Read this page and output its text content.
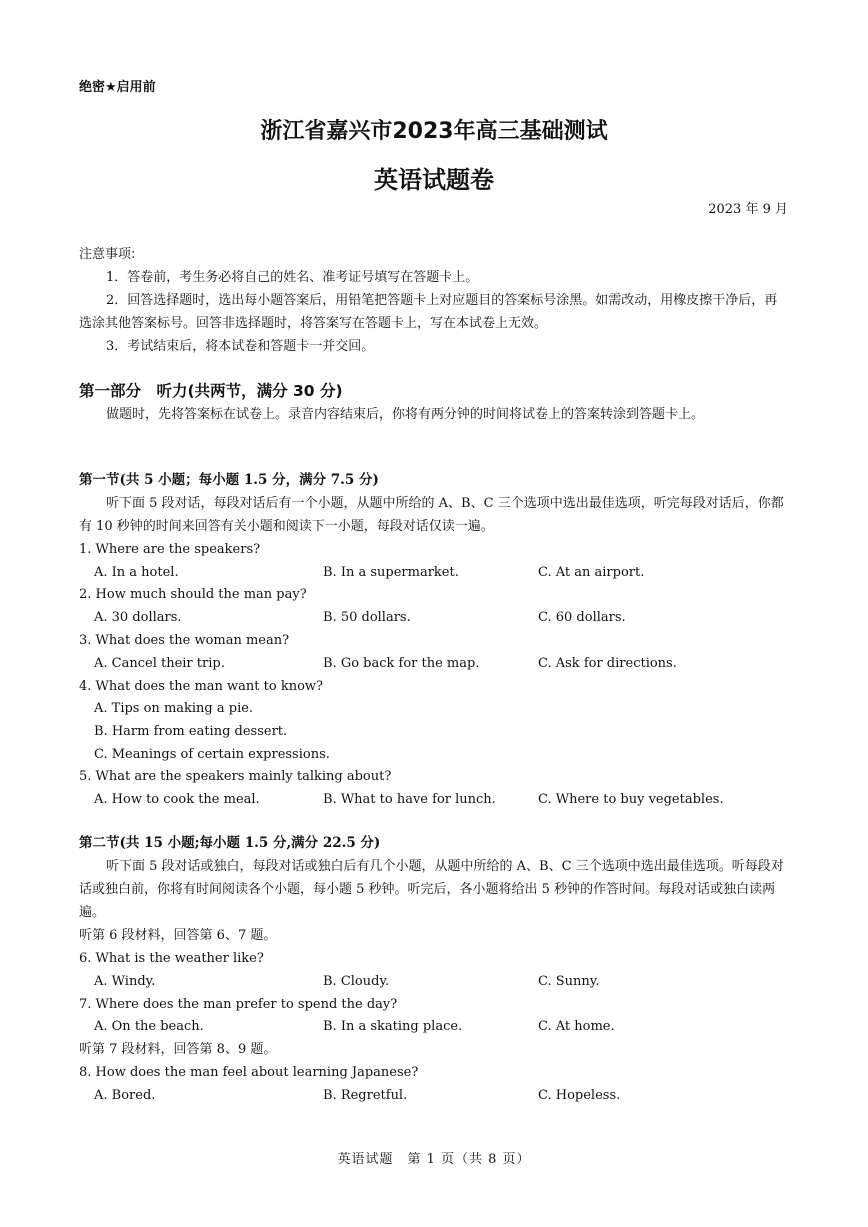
绝密★启用前
浙江省嘉兴市2023年高三基础测试
英语试题卷
2023 年 9 月
注意事项:
1．答卷前，考生务必将自己的姓名、准考证号填写在答题卡上。
2．回答选择题时，选出每小题答案后，用铅笔把答题卡上对应题目的答案标号涂黑。如需改动，用橡皮擦干净后，再选涂其他答案标号。回答非选择题时，将答案写在答题卡上，写在本试卷上无效。
3．考试结束后，将本试卷和答题卡一并交回。
第一部分　听力(共两节，满分 30 分)
做题时，先将答案标在试卷上。录音内容结束后，你将有两分钟的时间将试卷上的答案转涂到答题卡上。
第一节(共 5 小题；每小题 1.5 分，满分 7.5 分)
听下面 5 段对话，每段对话后有一个小题，从题中所给的 A、B、C 三个选项中选出最佳选项，听完每段对话后，你都有 10 秒钟的时间来回答有关小题和阅读下一小题，每段对话仅读一遍。
1. Where are the speakers?
A. In a hotel.	B. In a supermarket.	C. At an airport.
2. How much should the man pay?
A. 30 dollars.	B. 50 dollars.	C. 60 dollars.
3. What does the woman mean?
A. Cancel their trip.	B. Go back for the map.	C. Ask for directions.
4. What does the man want to know?
A. Tips on making a pie.
B. Harm from eating dessert.
C. Meanings of certain expressions.
5. What are the speakers mainly talking about?
A. How to cook the meal.	B. What to have for lunch.	C. Where to buy vegetables.
第二节(共 15 小题;每小题 1.5 分,满分 22.5 分)
听下面 5 段对话或独白，每段对话或独白后有几个小题，从题中所给的 A、B、C 三个选项中选出最佳选项。听每段对话或独白前，你将有时间阅读各个小题，每小题 5 秒钟。听完后，各小题将给出 5 秒钟的作答时间。每段对话或独白读两遍。
听第 6 段材料，回答第 6、7 题。
6. What is the weather like?
A. Windy.	B. Cloudy.	C. Sunny.
7. Where does the man prefer to spend the day?
A. On the beach.	B. In a skating place.	C. At home.
听第 7 段材料，回答第 8、9 题。
8. How does the man feel about learning Japanese?
A. Bored.	B. Regretful.	C. Hopeless.
英语试题　第 1 页（共 8 页）
